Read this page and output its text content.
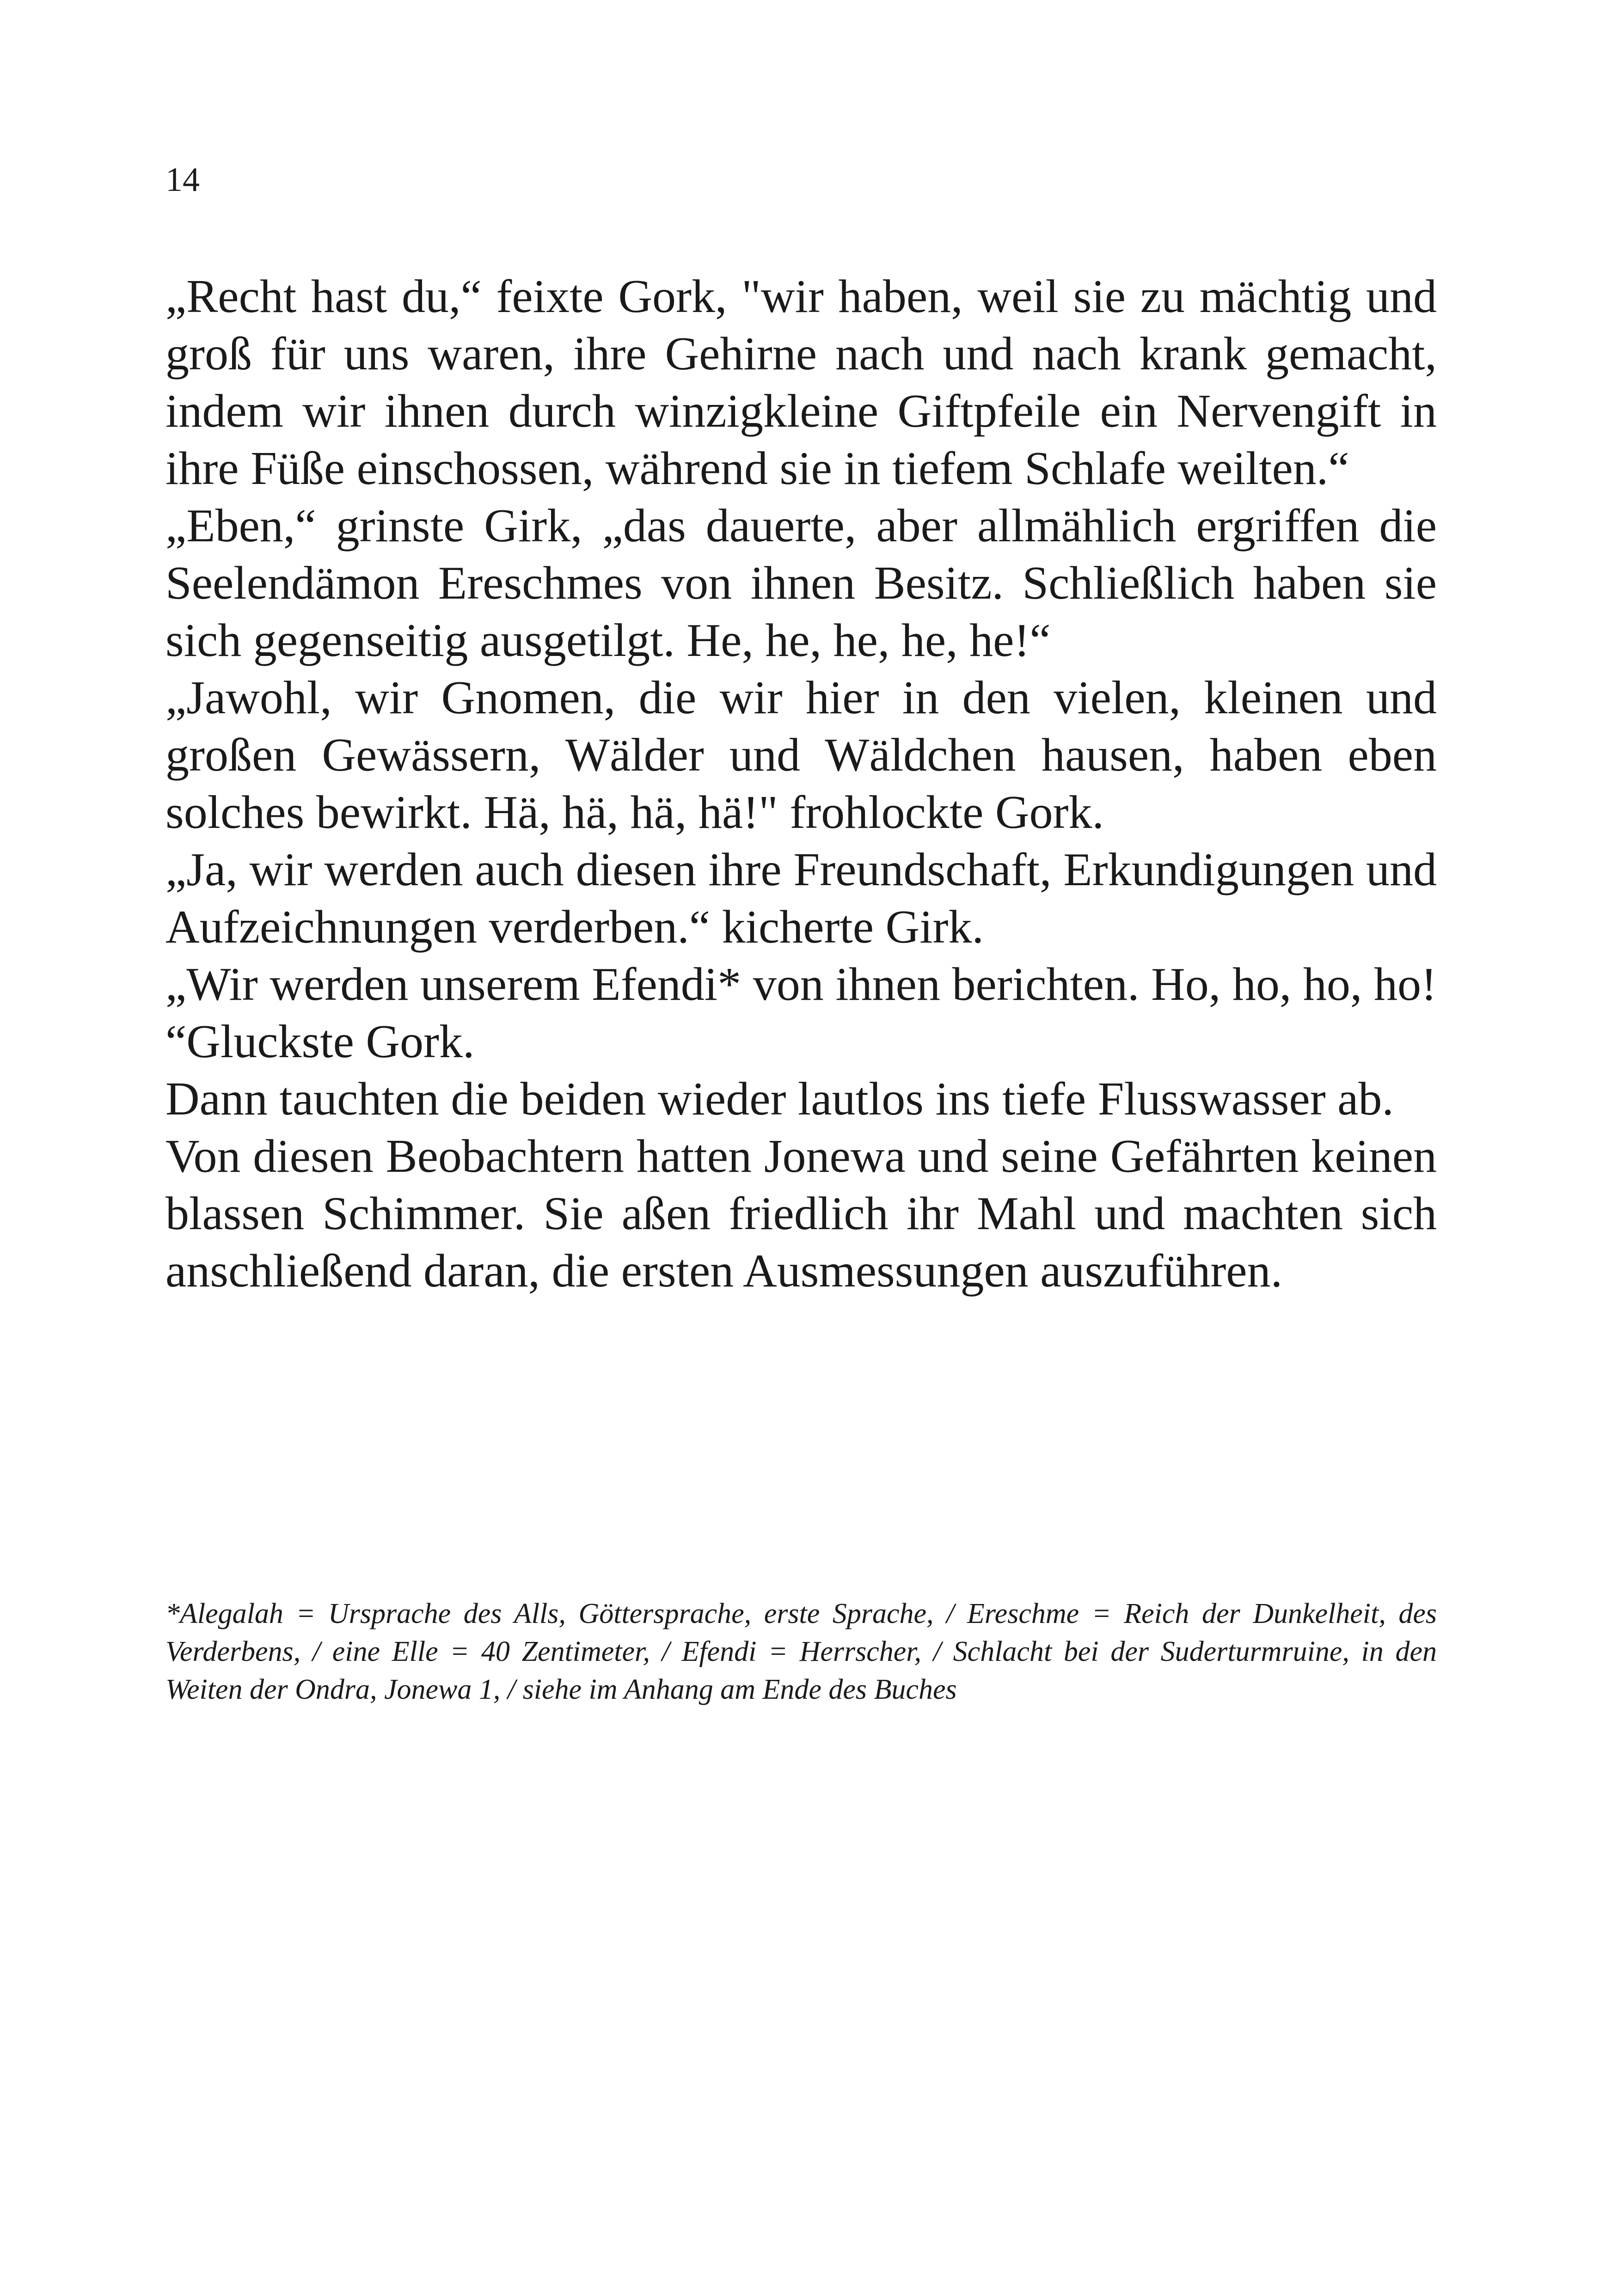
14

„Recht hast du,“ feixte Gork, "wir haben, weil sie zu mächtig und groß für uns waren, ihre Gehirne nach und nach krank gemacht, indem wir ihnen durch winzigkleine Giftpfeile ein Nervengift in ihre Füße einschossen, während sie in tiefem Schlafe weilten.“

„Eben,“ grinste Girk, „das dauerte, aber allmählich ergriffen die Seelendämon Ereschmes von ihnen Besitz. Schließlich haben sie sich gegenseitig ausgetilgt. He, he, he, he, he!“

„Jawohl, wir Gnomen, die wir hier in den vielen, kleinen und großen Gewässern, Wälder und Wäldchen hausen, haben eben solches bewirkt. Hä, hä, hä, hä!" frohlockte Gork.

„Ja, wir werden auch diesen ihre Freundschaft, Erkundigungen und Aufzeichnungen verderben.“ kicherte Girk.

„Wir werden unserem Efendi* von ihnen berichten. Ho, ho, ho, ho! “Gluckste Gork.

Dann tauchten die beiden wieder lautlos ins tiefe Flusswasser ab.

Von diesen Beobachtern hatten Jonewa und seine Gefährten keinen blassen Schimmer. Sie aßen friedlich ihr Mahl und machten sich anschließend daran, die ersten Ausmessungen auszuführen.

*Alegalah = Ursprache des Alls, Göttersprache, erste Sprache, / Ereschme = Reich der Dunkelheit, des Verderbens, / eine Elle = 40 Zentimeter, / Efendi = Herrscher, / Schlacht bei der Suderturmruine, in den Weiten der Ondra, Jonewa 1, / siehe im Anhang am Ende des Buches
